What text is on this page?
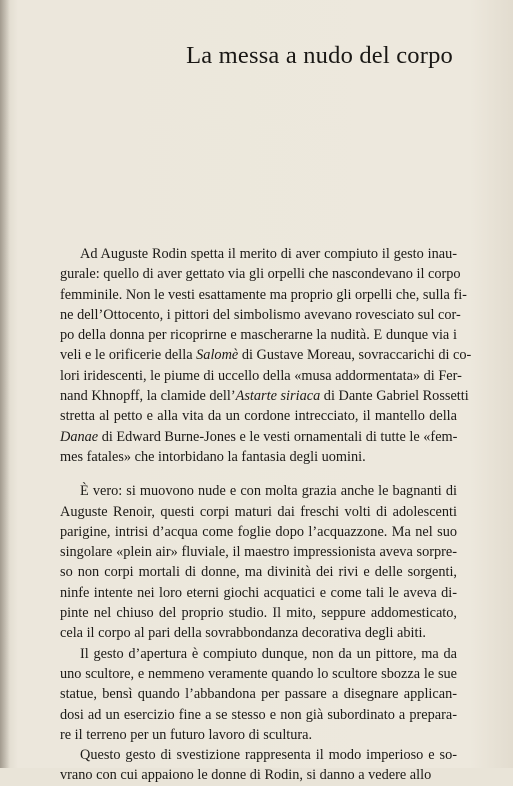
La messa a nudo del corpo
Ad Auguste Rodin spetta il merito di aver compiuto il gesto inau-
gurale: quello di aver gettato via gli orpelli che nascondevano il corpo
femminile. Non le vesti esattamente ma proprio gli orpelli che, sulla fi-
ne dell’Ottocento, i pittori del simbolismo avevano rovesciato sul cor-
po della donna per ricoprirne e mascherarne la nudità. E dunque via i
veli e le orificerie della Salomè di Gustave Moreau, sovraccarichi di co-
lori iridescenti, le piume di uccello della «musa addormentata» di Fer-
nand Khnopff, la clamide dell’Astarte siriaca di Dante Gabriel Rossetti
stretta al petto e alla vita da un cordone intrecciato, il mantello della
Danae di Edward Burne-Jones e le vesti ornamentali di tutte le «fem-
mes fatales» che intorbidano la fantasia degli uomini.
È vero: si muovono nude e con molta grazia anche le bagnanti di
Auguste Renoir, questi corpi maturi dai freschi volti di adolescenti
parigine, intrisi d’acqua come foglie dopo l’acquazzone. Ma nel suo
singolare «plein air» fluviale, il maestro impressionista aveva sorpre-
so non corpi mortali di donne, ma divinità dei rivi e delle sorgenti,
ninfe intente nei loro eterni giochi acquatici e come tali le aveva di-
pinte nel chiuso del proprio studio. Il mito, seppure addomesticato,
cela il corpo al pari della sovrabbondanza decorativa degli abiti.
Il gesto d’apertura è compiuto dunque, non da un pittore, ma da
uno scultore, e nemmeno veramente quando lo scultore sbozza le sue
statue, bensì quando l’abbandona per passare a disegnare applican-
dosi ad un esercizio fine a se stesso e non già subordinato a prepara-
re il terreno per un futuro lavoro di scultura.
Questo gesto di svestizione rappresenta il modo imperioso e so-
vrano con cui appaiono le donne di Rodin, si danno a vedere allo
